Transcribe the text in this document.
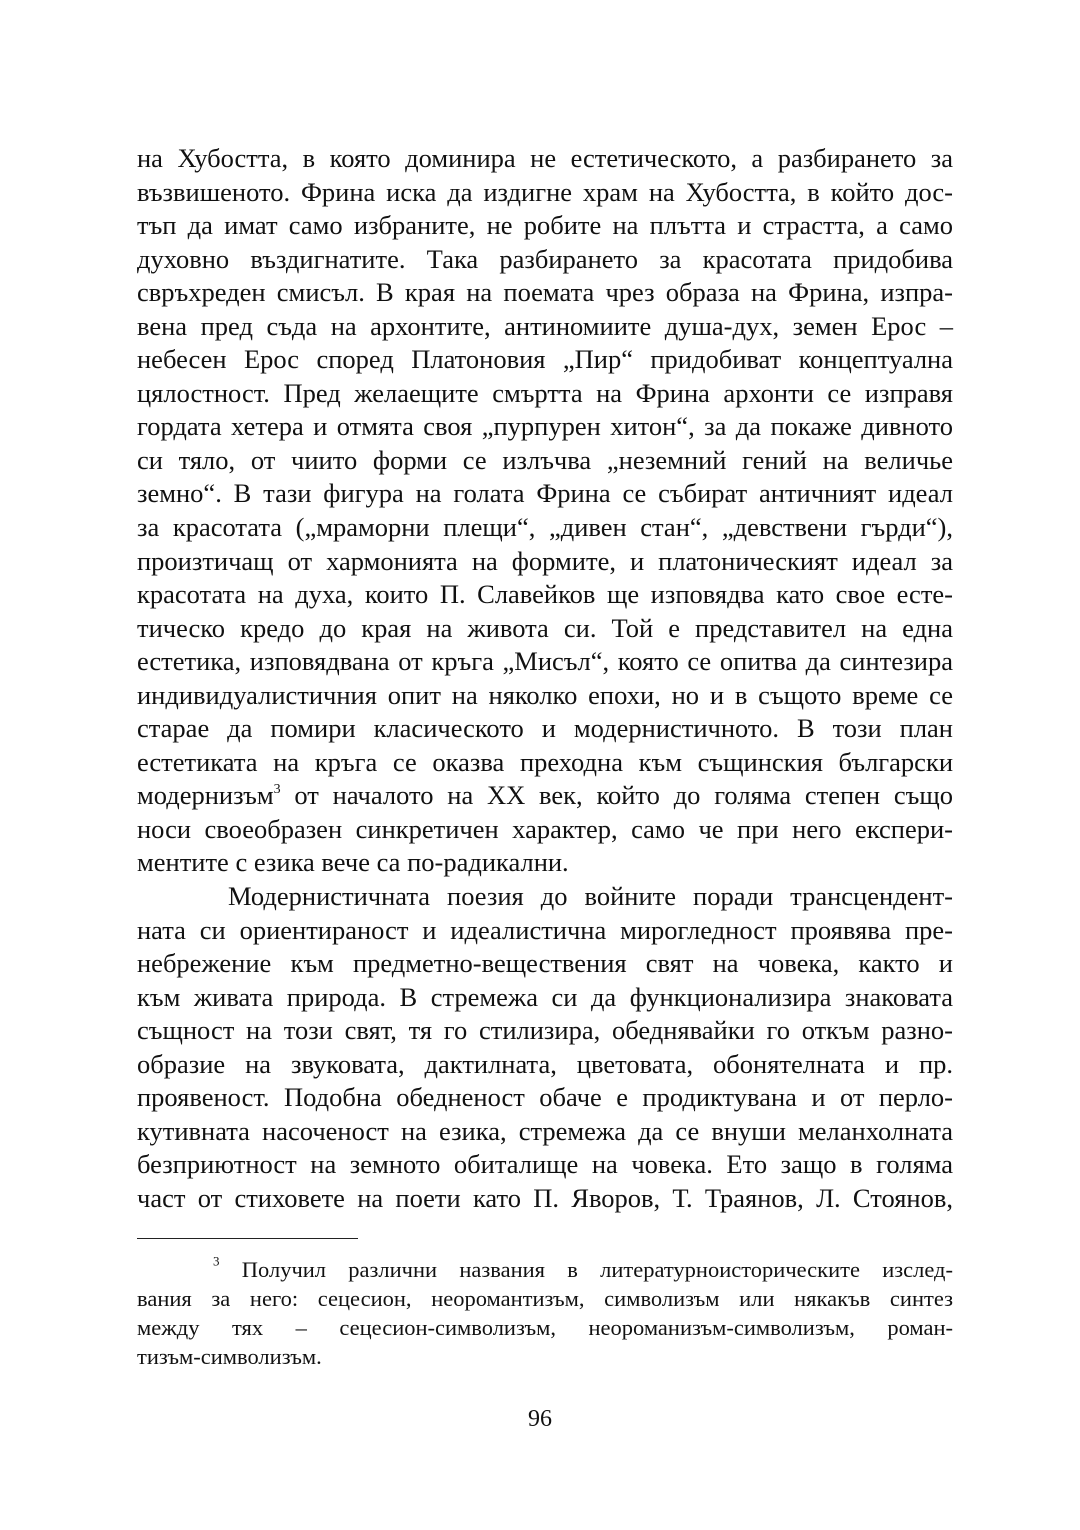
на Хубостта, в която доминира не естетическото, а разбирането за
възвишеното. Фрина иска да издигне храм на Хубостта, в който дос-
тъп да имат само избраните, не робите на плътта и страстта, а само
духовно въздигнатите. Така разбирането за красотата придобива
свръхреден смисъл. В края на поемата чрез образа на Фрина, изпра-
вена пред съда на архонтите, антиномиите душа-дух, земен Ерос –
небесен Ерос според Платоновия „Пир“ придобиват концептуална
цялостност. Пред желаещите смъртта на Фрина архонти се изправя
гордата хетера и отмята своя „пурпурен хитон“, за да покаже дивното
си тяло, от чиито форми се излъчва „неземний гений на величье
земно“. В тази фигура на голата Фрина се събират античният идеал
за красотата („мраморни плещи“, „дивен стан“, „девствени гърди“),
произтичащ от хармонията на формите, и платоническият идеал за
красотата на духа, които П. Славейков ще изповядва като свое есте-
тическо кредо до края на живота си. Той е представител на една
естетика, изповядвана от кръга „Мисъл“, която се опитва да синтезира
индивидуалистичния опит на няколко епохи, но и в същото време се
старае да помири класическото и модернистичното. В този план
естетиката на кръга се оказва преходна към същинския български
модернизъм$^3$ от началото на XX век, който до голяма степен също
носи своеобразен синкретичен характер, само че при него експери-
ментите с езика вече са по-радикални.
Модернистичната поезия до войните поради трансцендент-
ната си ориентираност и идеалистична мирогледност проявява пре-
небрежение към предметно-веществения свят на човека, както и
към живата природа. В стремежа си да функционализира знаковата
същност на този свят, тя го стилизира, обеднявайки го откъм разно-
образие на звуковата, дактилната, цветовата, обонятелната и пр.
проявеност. Подобна обедненост обаче е продиктувана и от перло-
кутивната насоченост на езика, стремежа да се внуши меланхолната
безприютност на земното обиталище на човека. Ето защо в голяма
част от стиховете на поети като П. Яворов, Т. Траянов, Л. Стоянов,
$^3$ Получил различни названия в литературноисторическите изслед-
вания за него: сецесион, неоромантизъм, символизъм или някакъв синтез
между тях – сецесион-символизъм, неороманизъм-символизъм, роман-
тизъм-символизъм.
96
